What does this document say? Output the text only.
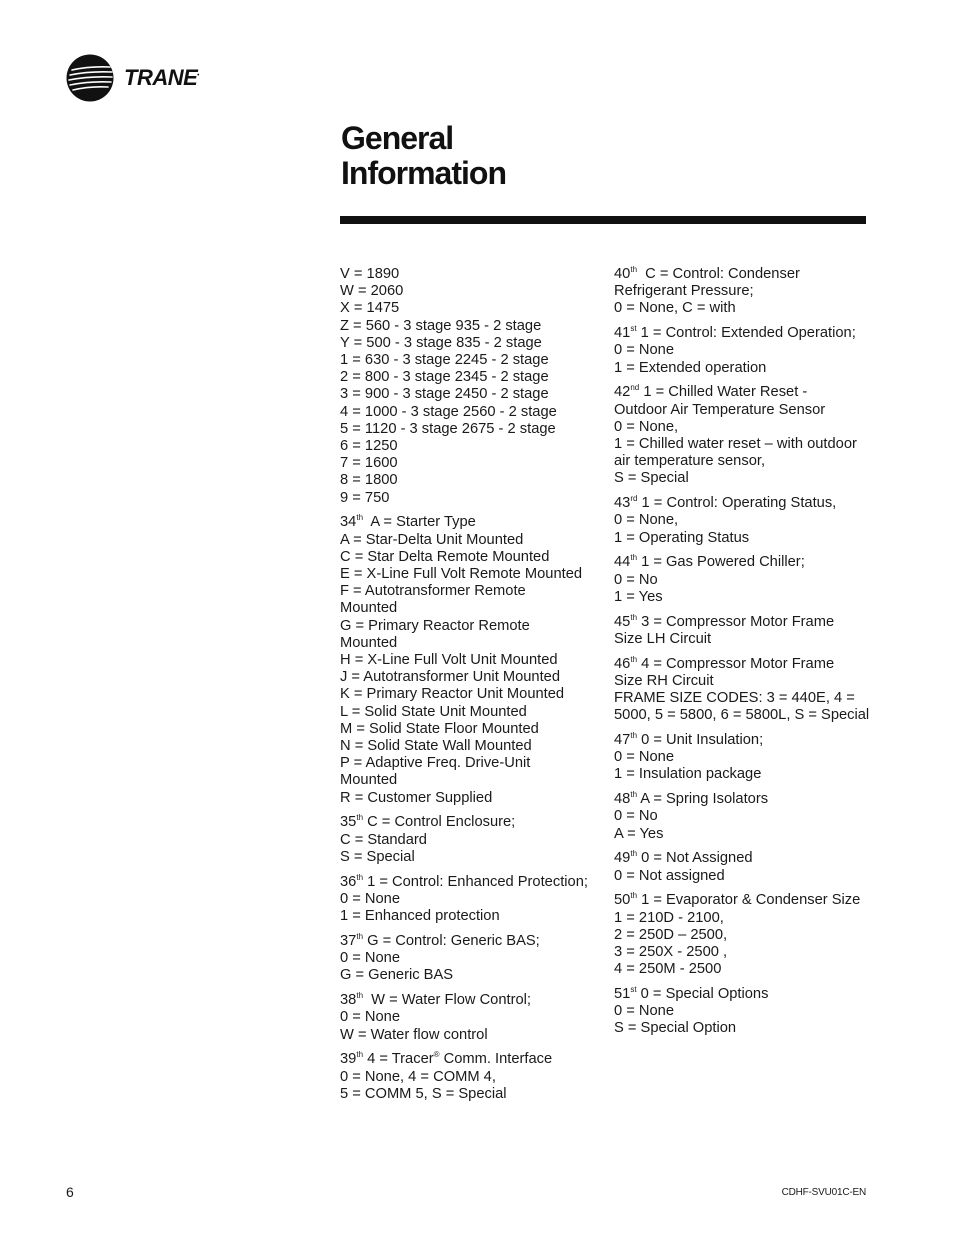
TRANE•
General
Information
V = 1890
W = 2060
X = 1475
Z = 560 - 3 stage 935 - 2 stage
Y = 500 - 3 stage 835 - 2 stage
1 = 630 - 3 stage 2245 - 2 stage
2 = 800 - 3 stage 2345 - 2 stage
3 = 900 - 3 stage 2450 - 2 stage
4 = 1000 - 3 stage 2560 - 2 stage
5 = 1120 - 3 stage 2675 - 2 stage
6 = 1250
7 = 1600
8 = 1800
9 = 750
34th  A = Starter Type
A = Star-Delta Unit Mounted
C = Star Delta Remote Mounted
E = X-Line Full Volt Remote Mounted
F = Autotransformer Remote
Mounted
G = Primary Reactor Remote
Mounted
H = X-Line Full Volt Unit Mounted
J = Autotransformer Unit Mounted
K = Primary Reactor Unit Mounted
L = Solid State Unit Mounted
M = Solid State Floor Mounted
N = Solid State Wall Mounted
P = Adaptive Freq. Drive-Unit
Mounted
R = Customer Supplied
35th C = Control Enclosure;
C = Standard
S = Special
36th 1 = Control: Enhanced Protection;
0 = None
1 = Enhanced protection
37th G = Control: Generic BAS;
0 = None
G = Generic BAS
38th  W = Water Flow Control;
0 = None
W = Water flow control
39th 4 = Tracer® Comm. Interface
0 = None, 4 = COMM 4,
5 = COMM 5, S = Special
40th  C = Control: Condenser
Refrigerant Pressure;
0 = None, C = with
41st 1 = Control: Extended Operation;
0 = None
1 = Extended operation
42nd 1 = Chilled Water Reset -
Outdoor Air Temperature Sensor
0 = None,
1 = Chilled water reset – with outdoor
air temperature sensor,
S = Special
43rd 1 = Control: Operating Status,
0 = None,
1 = Operating Status
44th 1 = Gas Powered Chiller;
0 = No
1 = Yes
45th 3 = Compressor Motor Frame
Size LH Circuit
46th 4 = Compressor Motor Frame
Size RH Circuit
FRAME SIZE CODES: 3 = 440E, 4 =
5000, 5 = 5800, 6 = 5800L, S = Special
47th 0 = Unit Insulation;
0 = None
1 = Insulation package
48th A = Spring Isolators
0 = No
A = Yes
49th 0 = Not Assigned
0 = Not assigned
50th 1 = Evaporator & Condenser Size
1 = 210D - 2100,
2 = 250D – 2500,
3 = 250X - 2500 ,
4 = 250M - 2500
51st 0 = Special Options
0 = None
S = Special Option
6	CDHF-SVU01C-EN
